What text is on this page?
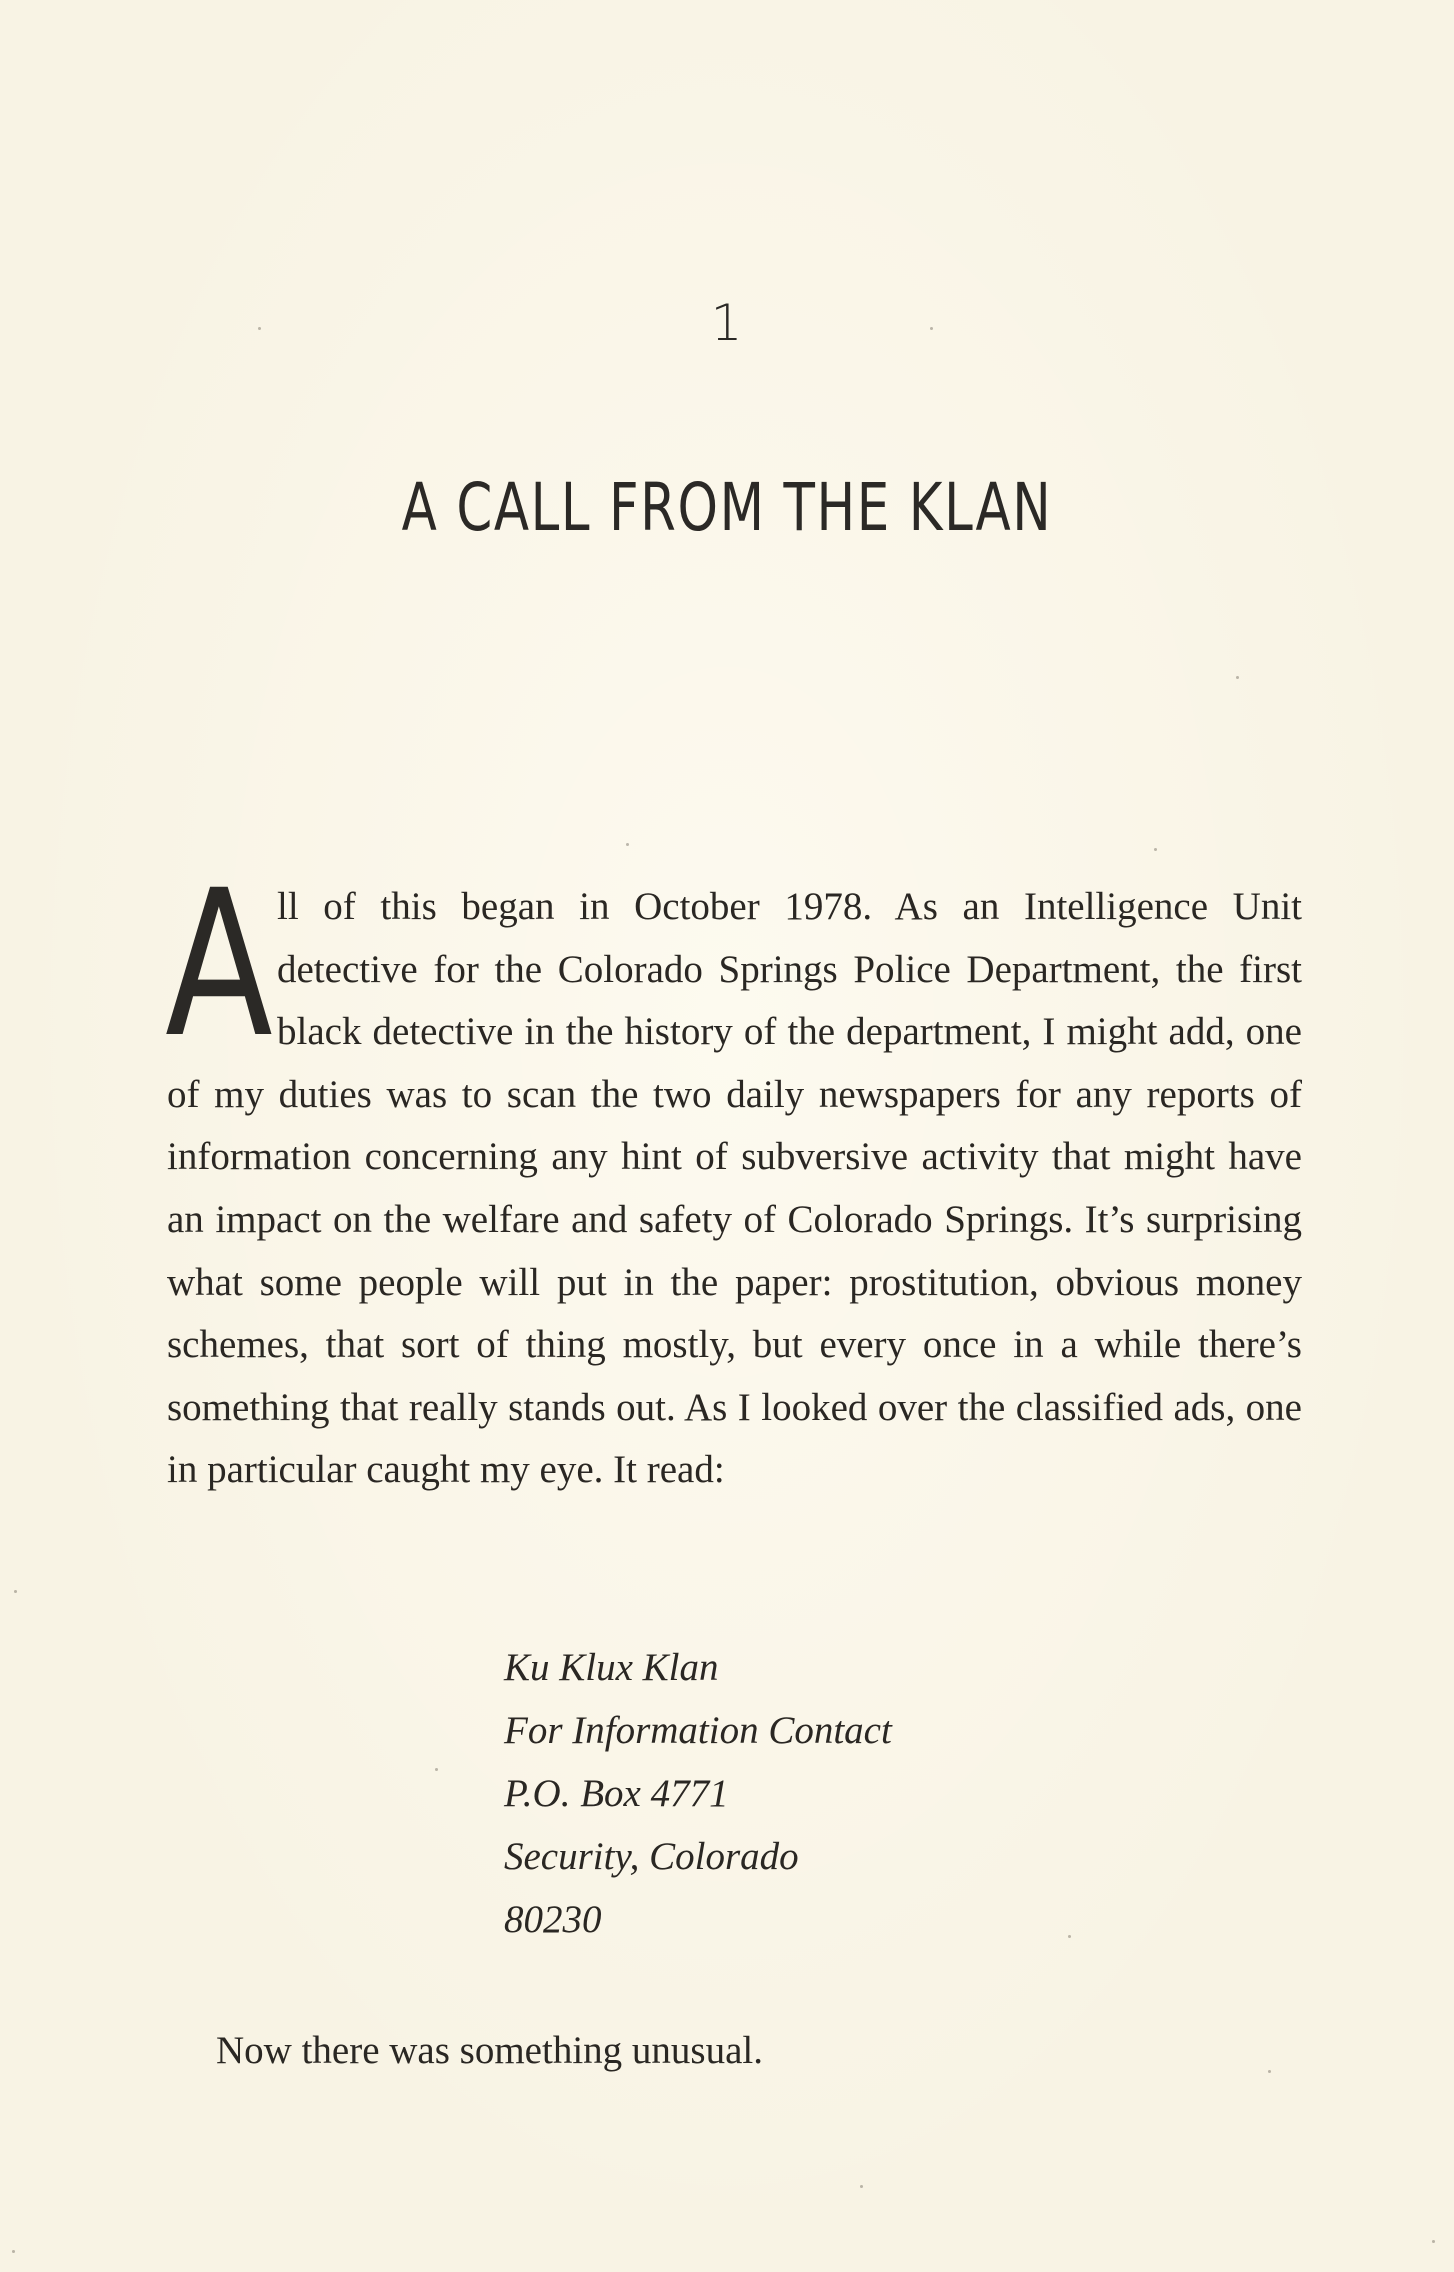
1
A CALL FROM THE KLAN
A ll of this began in October 1978. As an Intelligence Unit detective for the Colorado Springs Police Department, the first black detective in the history of the department, I might add, one of my duties was to scan the two daily newspapers for any reports of information concerning any hint of subversive activity that might have an impact on the welfare and safety of Colorado Springs. It’s surprising what some people will put in the paper: prostitution, obvious money schemes, that sort of thing mostly, but every once in a while there’s something that really stands out. As I looked over the classified ads, one in particular caught my eye. It read:
Ku Klux Klan
For Information Contact
P.O. Box 4771
Security, Colorado
80230
Now there was something unusual.
